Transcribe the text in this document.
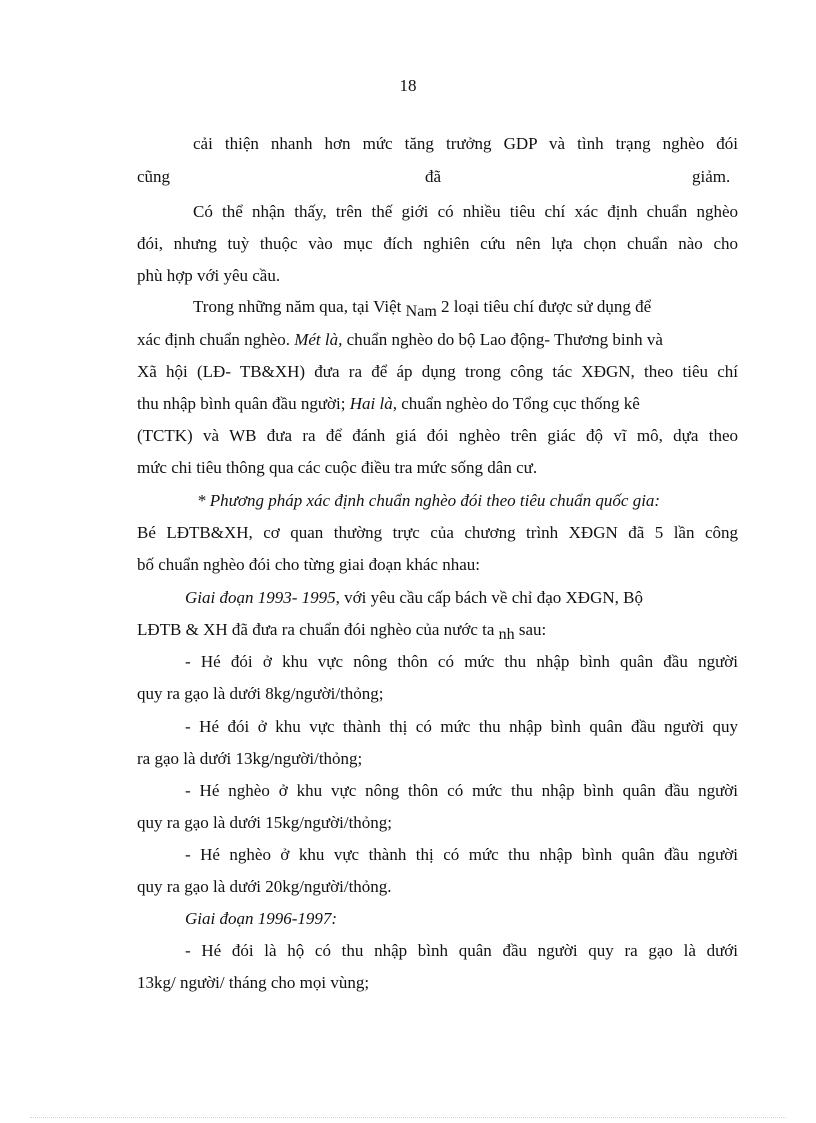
18
cải thiện nhanh hơn mức tăng trưởng GDP và tình trạng nghèo đói
cũng	đã	giảm.
Có thể nhận thấy, trên thế giới có nhiều tiêu chí xác định chuẩn nghèo
đói, nhưng tuỳ thuộc vào mục đích nghiên cứu nên lựa chọn chuẩn nào cho
phù hợp với yêu cầu.
Trong những năm qua, tại Việt Nam 2 loại tiêu chí được sử dụng để
xác định chuẩn nghèo. Mét là, chuẩn nghèo do bộ Lao động- Thương binh và
Xã hội (LĐ- TB&XH) đưa ra để áp dụng trong công tác XĐGN, theo tiêu chí
thu nhập bình quân đầu người; Hai là, chuẩn nghèo do Tổng cục thống kê
(TCTK) và WB đưa ra để đánh giá đói nghèo trên giác độ vĩ mô, dựa theo
mức chi tiêu thông qua các cuộc điều tra mức sống dân cư.
* Phương pháp xác định chuẩn nghèo đói theo tiêu chuẩn quốc gia:
Bé LĐTB&XH, cơ quan thường trực của chương trình XĐGN đã 5 lần công
bố chuẩn nghèo đói cho từng giai đoạn khác nhau:
Giai đoạn 1993- 1995, với yêu cầu cấp bách về chỉ đạo XĐGN, Bộ
LĐTB & XH đã đưa ra chuẩn đói nghèo của nước ta nh sau:
- Hé đói ở khu vực nông thôn có mức thu nhập bình quân đầu người
quy ra gạo là dưới 8kg/người/thỏng;
- Hé đói ở khu vực thành thị có mức thu nhập bình quân đầu người quy
ra gạo là dưới 13kg/người/thỏng;
- Hé nghèo ở khu vực nông thôn có mức thu nhập bình quân đầu người
quy ra gạo là dưới 15kg/người/thỏng;
- Hé nghèo ở khu vực thành thị có mức thu nhập bình quân đầu người
quy ra gạo là dưới 20kg/người/thỏng.
Giai đoạn 1996-1997:
- Hé đói là hộ có thu nhập bình quân đầu người quy ra gạo là dưới
13kg/ người/ tháng cho mọi vùng;
